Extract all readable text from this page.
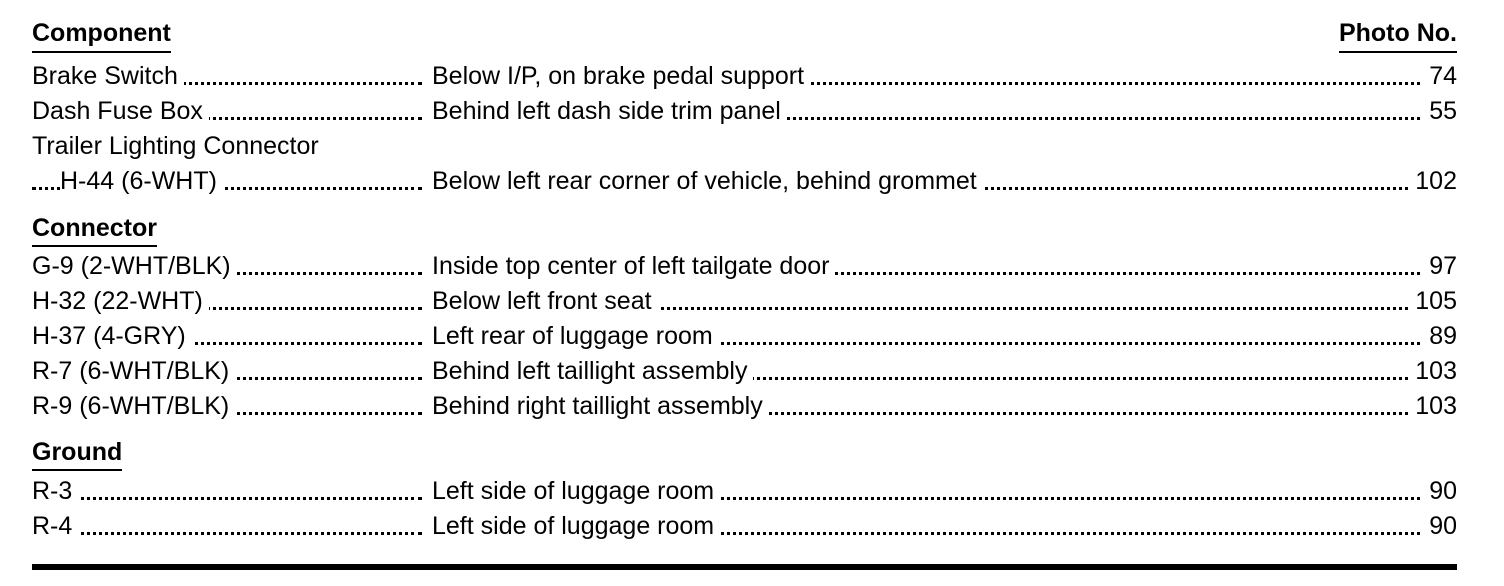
Component	Photo No.
Brake Switch	Below I/P, on brake pedal support	74
Dash Fuse Box	Behind left dash side trim panel	55
Trailer Lighting Connector
H-44 (6-WHT)	Below left rear corner of vehicle, behind grommet	102
Connector
G-9 (2-WHT/BLK)	Inside top center of left tailgate door	97
H-32 (22-WHT)	Below left front seat	105
H-37 (4-GRY)	Left rear of luggage room	89
R-7 (6-WHT/BLK)	Behind left taillight assembly	103
R-9 (6-WHT/BLK)	Behind right taillight assembly	103
Ground
R-3	Left side of luggage room	90
R-4	Left side of luggage room	90
